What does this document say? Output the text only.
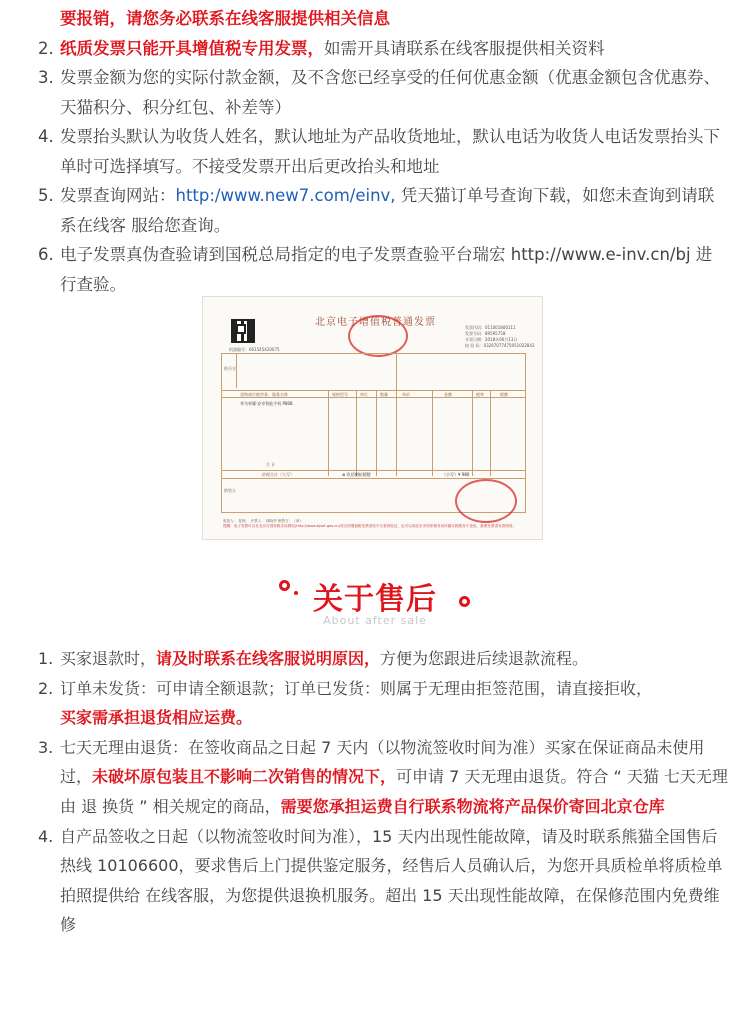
要报销，请您务必联系在线客服提供相关信息
2. 纸质发票只能开具增值税专用发票，如需开具请联系在线客服提供相关资料
3. 发票金额为您的实际付款金额，及不含您已经享受的任何优惠金额（优惠金额包含优惠券、天猫积分、积分红包、补差等）
4. 发票抬头默认为收货人姓名，默认地址为产品收货地址，默认电话为收货人电话发票抬头下单时可选择填写。不接受发票开出后更改抬头和地址
5. 发票查询网站：http:/www.new7.com/einv, 凭天猫订单号查询下载，如您未查询到请联系在线客 服给您查询。
6. 电子发票真伪查验请到国税总局指定的电子发票查验平台瑞宏 http://www.e-inv.cn/bj 进行查验。
北京电子增值税普通发票
机器编号：661545420075
发票代码：011001800111
发票号码：89595758
开票日期：2018年06月13日
校 验 码：03297077475951022843
购买方
货物或应税劳务、服务名称	规格型号	单位	数量	单价	金额	税率	税额
华为荣耀·安卓智能手机 P808
合 计
价税合计（大写）	⊗ 玖佰捌拾圆整	（小写）¥ 980
销售方
收款人： 复核： 开票人： 林晓华 销售方：（章）
提醒：电子发票可以在北京市国家税务局网站(http://www.bjsat.gov.cn)或全国增值税发票查验平台查询验证，也可以到北京市国家税务局所属办税服务厅查验，重要发票请妥善保管。
关于售后
About after sale
1. 买家退款时，请及时联系在线客服说明原因，方便为您跟进后续退款流程。
2. 订单未发货：可申请全额退款；订单已发货：则属于无理由拒签范围，请直接拒收，
买家需承担退货相应运费。
3. 七天无理由退货：在签收商品之日起 7 天内（以物流签收时间为准）买家在保证商品未使用过，未破坏原包装且不影响二次销售的情况下，可申请 7 天无理由退货。符合 “ 天猫 七天无理由 退 换货 ” 相关规定的商品，需要您承担运费自行联系物流将产品保价寄回北京仓库
4. 自产品签收之日起（以物流签收时间为准），15 天内出现性能故障，请及时联系熊猫全国售后热线 10106600，要求售后上门提供鉴定服务，经售后人员确认后，为您开具质检单将质检单拍照提供给 在线客服，为您提供退换机服务。超出 15 天出现性能故障，在保修范围内免费维修
